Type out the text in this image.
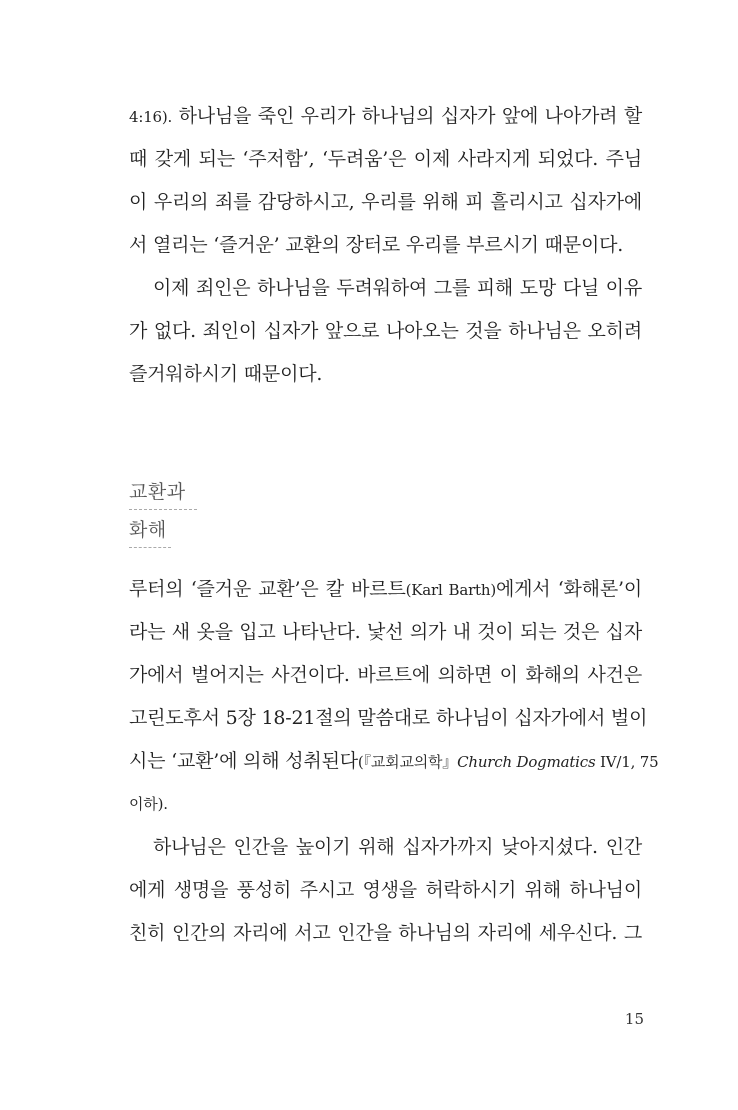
4:16). 하나님을 죽인 우리가 하나님의 십자가 앞에 나아가려 할
때 갖게 되는 ‘주저함’, ‘두려움’은 이제 사라지게 되었다. 주님
이 우리의 죄를 감당하시고, 우리를 위해 피 흘리시고 십자가에
서 열리는 ‘즐거운’ 교환의 장터로 우리를 부르시기 때문이다.
이제 죄인은 하나님을 두려워하여 그를 피해 도망 다닐 이유
가 없다. 죄인이 십자가 앞으로 나아오는 것을 하나님은 오히려
즐거워하시기 때문이다.
교환과
화해
루터의 ‘즐거운 교환’은 칼 바르트(Karl Barth)에게서 ‘화해론’이
라는 새 옷을 입고 나타난다. 낯선 의가 내 것이 되는 것은 십자
가에서 벌어지는 사건이다. 바르트에 의하면 이 화해의 사건은
고린도후서 5장 18-21절의 말씀대로 하나님이 십자가에서 벌이
시는 ‘교환’에 의해 성취된다(『교회교의학』Church Dogmatics IV/1, 75
이하).
하나님은 인간을 높이기 위해 십자가까지 낮아지셨다. 인간
에게 생명을 풍성히 주시고 영생을 허락하시기 위해 하나님이
친히 인간의 자리에 서고 인간을 하나님의 자리에 세우신다. 그
15
